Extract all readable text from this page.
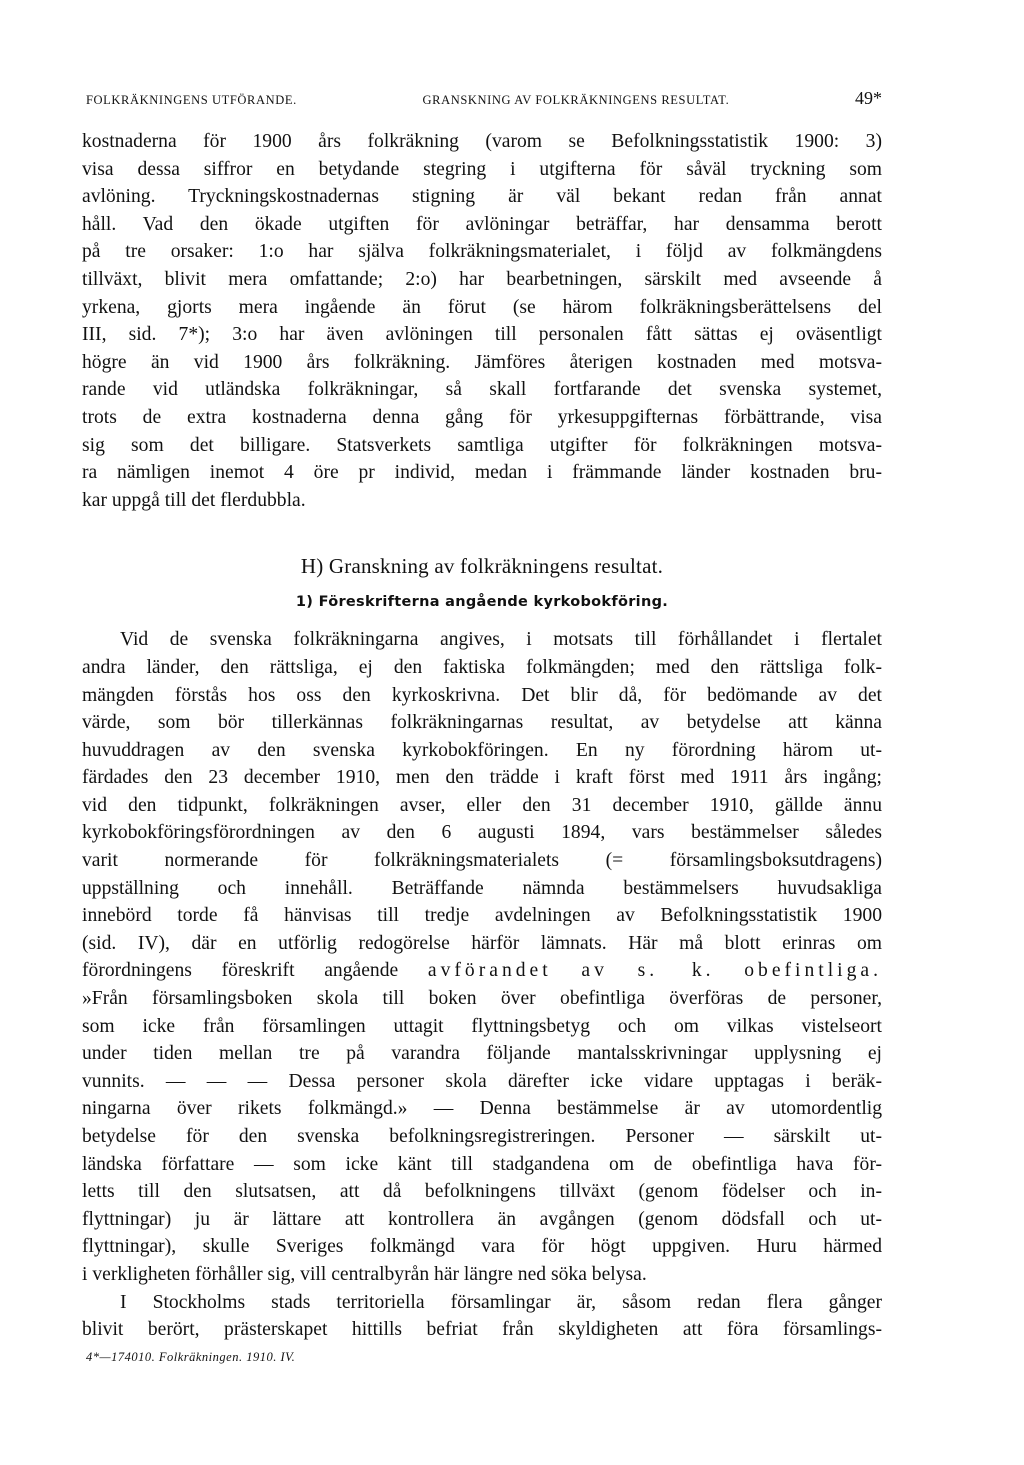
FOLKRÄKNINGENS UTFÖRANDE.	GRANSKNING AV FOLKRÄKNINGENS RESULTAT.	49*
kostnaderna för 1900 års folkräkning (varom se Befolkningsstatistik 1900: 3)
visa dessa siffror en betydande stegring i utgifterna för såväl tryckning som
avlöning. Tryckningskostnadernas stigning är väl bekant redan från annat
håll. Vad den ökade utgiften för avlöningar beträffar, har densamma berott
på tre orsaker: 1:o har själva folkräkningsmaterialet, i följd av folkmängdens
tillväxt, blivit mera omfattande; 2:o) har bearbetningen, särskilt med avseende å
yrkena, gjorts mera ingående än förut (se härom folkräkningsberättelsens del
III, sid. 7*); 3:o har även avlöningen till personalen fått sättas ej oväsentligt
högre än vid 1900 års folkräkning. Jämföres återigen kostnaden med motsva-
rande vid utländska folkräkningar, så skall fortfarande det svenska systemet,
trots de extra kostnaderna denna gång för yrkesuppgifternas förbättrande, visa
sig som det billigare. Statsverkets samtliga utgifter för folkräkningen motsva-
ra nämligen inemot 4 öre pr individ, medan i främmande länder kostnaden bru-
kar uppgå till det flerdubbla.
H) Granskning av folkräkningens resultat.
1) Föreskrifterna angående kyrkobokföring.
Vid de svenska folkräkningarna angives, i motsats till förhållandet i flertalet
andra länder, den rättsliga, ej den faktiska folkmängden; med den rättsliga folk-
mängden förstås hos oss den kyrkoskrivna. Det blir då, för bedömande av det
värde, som bör tillerkännas folkräkningarnas resultat, av betydelse att känna
huvuddragen av den svenska kyrkobokföringen. En ny förordning härom ut-
färdades den 23 december 1910, men den trädde i kraft först med 1911 års ingång;
vid den tidpunkt, folkräkningen avser, eller den 31 december 1910, gällde ännu
kyrkobokföringsförordningen av den 6 augusti 1894, vars bestämmelser således
varit normerande för folkräkningsmaterialets (= församlingsboksutdragens)
uppställning och innehåll. Beträffande nämnda bestämmelsers huvudsakliga
innebörd torde få hänvisas till tredje avdelningen av Befolkningsstatistik 1900
(sid. IV), där en utförlig redogörelse härför lämnats. Här må blott erinras om
förordningens föreskrift angående avförandet av s. k. obefintliga.
»Från församlingsboken skola till boken över obefintliga överföras de personer,
som icke från församlingen uttagit flyttningsbetyg och om vilkas vistelseort
under tiden mellan tre på varandra följande mantalsskrivningar upplysning ej
vunnits. — — — Dessa personer skola därefter icke vidare upptagas i beräk-
ningarna över rikets folkmängd.» — Denna bestämmelse är av utomordentlig
betydelse för den svenska befolkningsregistreringen. Personer — särskilt ut-
ländska författare — som icke känt till stadgandena om de obefintliga hava för-
letts till den slutsatsen, att då befolkningens tillväxt (genom födelser och in-
flyttningar) ju är lättare att kontrollera än avgången (genom dödsfall och ut-
flyttningar), skulle Sveriges folkmängd vara för högt uppgiven. Huru härmed
i verkligheten förhåller sig, vill centralbyrån här längre ned söka belysa.
I Stockholms stads territoriella församlingar är, såsom redan flera gånger
blivit berört, prästerskapet hittills befriat från skyldigheten att föra församlings-
4*—174010. Folkräkningen. 1910. IV.
